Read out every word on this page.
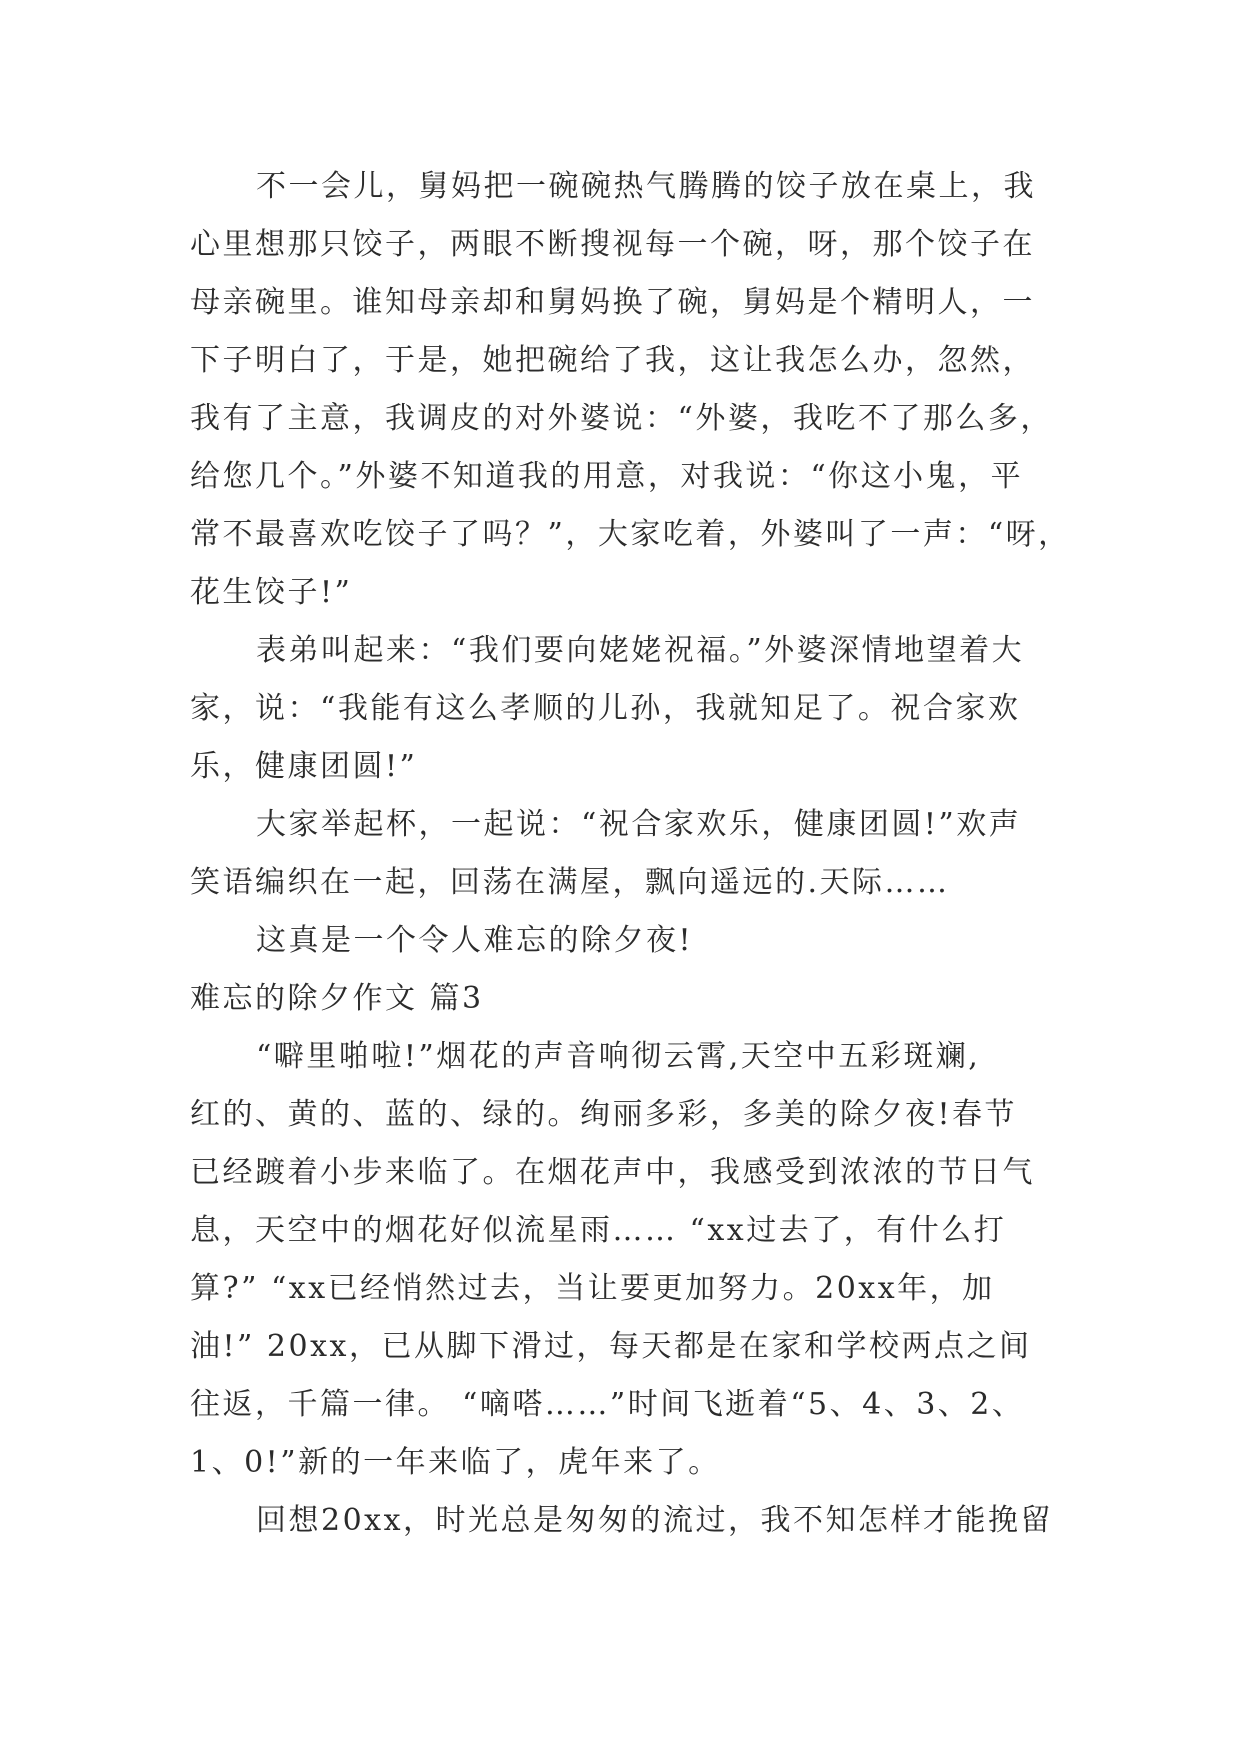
不一会儿，舅妈把一碗碗热气腾腾的饺子放在桌上，我
心里想那只饺子，两眼不断搜视每一个碗，呀，那个饺子在
母亲碗里。谁知母亲却和舅妈换了碗，舅妈是个精明人，一
下子明白了，于是，她把碗给了我，这让我怎么办，忽然，
我有了主意，我调皮的对外婆说：“外婆，我吃不了那么多，
给您几个。”外婆不知道我的用意，对我说：“你这小鬼，平
常不最喜欢吃饺子了吗？”，大家吃着，外婆叫了一声：“呀，
花生饺子!”
表弟叫起来：“我们要向姥姥祝福。”外婆深情地望着大
家，说：“我能有这么孝顺的儿孙，我就知足了。祝合家欢
乐，健康团圆!”
大家举起杯，一起说：“祝合家欢乐，健康团圆!”欢声
笑语编织在一起，回荡在满屋，飘向遥远的.天际……
这真是一个令人难忘的除夕夜!
难忘的除夕作文 篇3
“噼里啪啦!”烟花的声音响彻云霄,天空中五彩斑斓,
红的、黄的、蓝的、绿的。绚丽多彩，多美的除夕夜!春节
已经踱着小步来临了。在烟花声中，我感受到浓浓的节日气
息，天空中的烟花好似流星雨…… “xx过去了，有什么打
算?” “xx已经悄然过去，当让要更加努力。20xx年，加
油!” 20xx，已从脚下滑过，每天都是在家和学校两点之间
往返，千篇一律。 “嘀嗒……”时间飞逝着“5、4、3、2、
1、0!”新的一年来临了，虎年来了。
回想20xx，时光总是匆匆的流过，我不知怎样才能挽留
